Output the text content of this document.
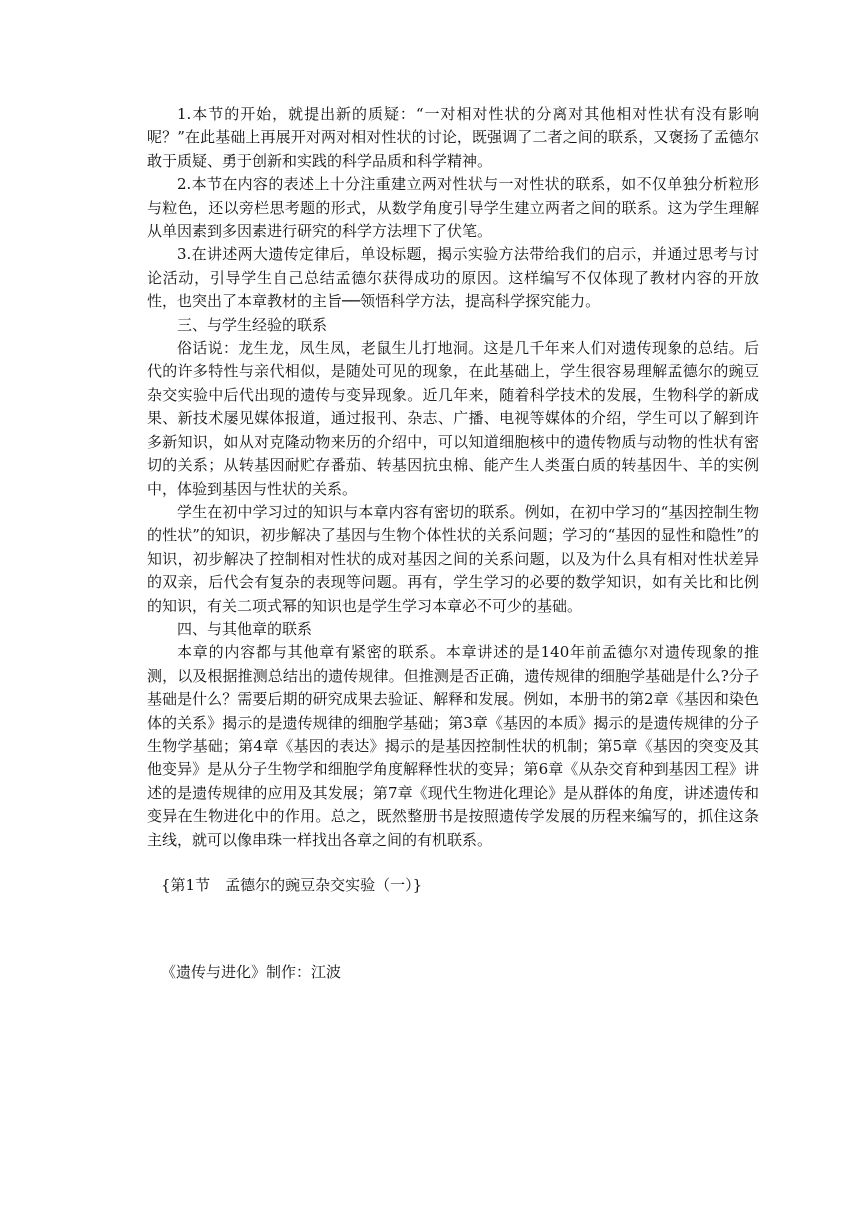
1.本节的开始，就提出新的质疑：“一对相对性状的分离对其他相对性状有没有影响呢？”在此基础上再展开对两对相对性状的讨论，既强调了二者之间的联系，又褒扬了孟德尔敢于质疑、勇于创新和实践的科学品质和科学精神。

2.本节在内容的表述上十分注重建立两对性状与一对性状的联系，如不仅单独分析粒形与粒色，还以旁栏思考题的形式，从数学角度引导学生建立两者之间的联系。这为学生理解从单因素到多因素进行研究的科学方法埋下了伏笔。

3.在讲述两大遗传定律后，单设标题，揭示实验方法带给我们的启示，并通过思考与讨论活动，引导学生自己总结孟德尔获得成功的原因。这样编写不仅体现了教材内容的开放性，也突出了本章教材的主旨──领悟科学方法，提高科学探究能力。

三、与学生经验的联系

俗话说：龙生龙，凤生凤，老鼠生儿打地洞。这是几千年来人们对遗传现象的总结。后代的许多特性与亲代相似，是随处可见的现象，在此基础上，学生很容易理解孟德尔的豌豆杂交实验中后代出现的遗传与变异现象。近几年来，随着科学技术的发展，生物科学的新成果、新技术屡见媒体报道，通过报刊、杂志、广播、电视等媒体的介绍，学生可以了解到许多新知识，如从对克隆动物来历的介绍中，可以知道细胞核中的遗传物质与动物的性状有密切的关系；从转基因耐贮存番茄、转基因抗虫棉、能产生人类蛋白质的转基因牛、羊的实例中，体验到基因与性状的关系。

学生在初中学习过的知识与本章内容有密切的联系。例如，在初中学习的“基因控制生物的性状”的知识，初步解决了基因与生物个体性状的关系问题；学习的“基因的显性和隐性”的知识，初步解决了控制相对性状的成对基因之间的关系问题，以及为什么具有相对性状差异的双亲，后代会有复杂的表现等问题。再有，学生学习的必要的数学知识，如有关比和比例的知识，有关二项式幂的知识也是学生学习本章必不可少的基础。

四、与其他章的联系

本章的内容都与其他章有紧密的联系。本章讲述的是140年前孟德尔对遗传现象的推测，以及根据推测总结出的遗传规律。但推测是否正确，遗传规律的细胞学基础是什么?分子基础是什么？需要后期的研究成果去验证、解释和发展。例如，本册书的第2章《基因和染色体的关系》揭示的是遗传规律的细胞学基础；第3章《基因的本质》揭示的是遗传规律的分子生物学基础；第4章《基因的表达》揭示的是基因控制性状的机制；第5章《基因的突变及其他变异》是从分子生物学和细胞学角度解释性状的变异；第6章《从杂交育种到基因工程》讲述的是遗传规律的应用及其发展；第7章《现代生物进化理论》是从群体的角度，讲述遗传和变异在生物进化中的作用。总之，既然整册书是按照遗传学发展的历程来编写的，抓住这条主线，就可以像串珠一样找出各章之间的有机联系。

{第1节　孟德尔的豌豆杂交实验（一）}
《遗传与进化》制作：江波
